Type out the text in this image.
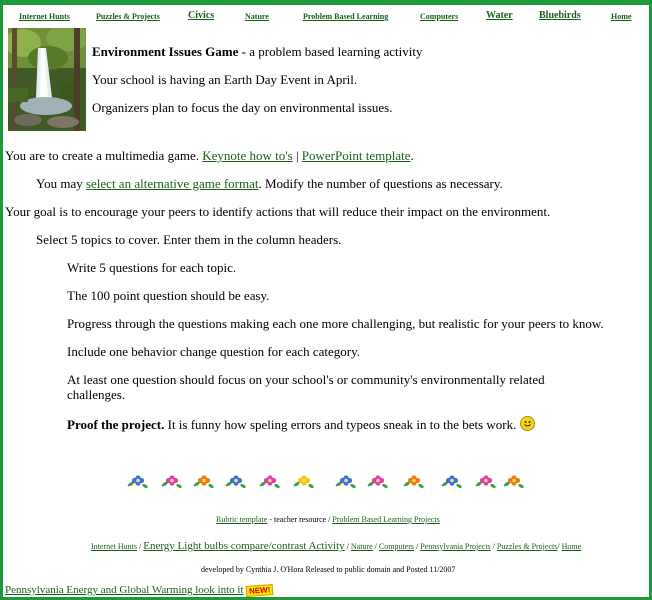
Internet Hunts	Puzzles & Projects	Civics	Nature	Problem Based Learning	Computers	Water	Bluebirds	Home
Environment Issues Game - a problem based learning activity
Your school is having an Earth Day Event in April.
Organizers plan to focus the day on environmental issues.
You are to create a multimedia game. Keynote how to's | PowerPoint template.
You may select an alternative game format. Modify the number of questions as necessary.
Your goal is to encourage your peers to identify actions that will reduce their impact on the environment.
Select 5 topics to cover. Enter them in the column headers.
Write 5 questions for each topic.
The 100 point question should be easy.
Progress through the questions making each one more challenging, but realistic for your peers to know.
Include one behavior change question for each category.
At least one question should focus on your school's or community's environmentally related challenges.
Proof the project. It is funny how speling errors and typeos sneak in to the bets work.
Rubric template - teacher resource / Problem Based Learning Projects
Internet Hunts / Energy Light bulbs compare/contrast Activity / Nature / Computers / Pennsylvania Projects / Puzzles & Projects/ Home
developed by Cynthia J. O'Hora Released to public domain and Posted 11/2007
Pennsylvania Energy and Global Warming look into it NEW!
